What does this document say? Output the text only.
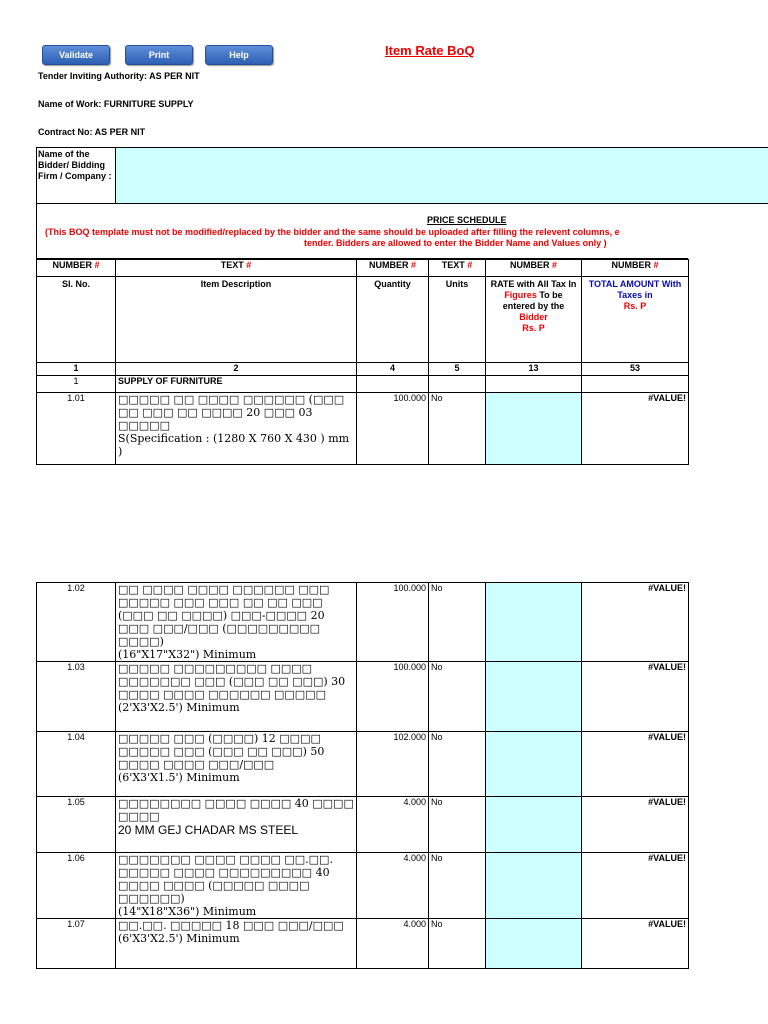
Validate	Print	Help	Item Rate BoQ
Tender Inviting Authority: AS PER NIT
Name of Work: FURNITURE SUPPLY
Contract No: AS PER NIT
Name of the Bidder/ Bidding Firm / Company :
PRICE SCHEDULE
(This BOQ template must not be modified/replaced by the bidder and the same should be uploaded after filling the relevent columns, e
tender. Bidders are allowed to enter the Bidder Name and Values only )
NUMBER #	TEXT #	NUMBER #	TEXT #	NUMBER #	NUMBER #

Sl. No.	Item Description	Quantity	Units	RATE with All Tax In Figures To be entered by the
Bidder
Rs. P	TOTAL AMOUNT With Taxes in
Rs. P
1	2	4	5	13	53
1	SUPPLY OF FURNITURE				
1.01	□□□□□ □□ □□□□ □□□□□□ (□□□ □□ □□□ □□ □□□□ 20 □□□ 03 □□□□□
S(Specification : (1280 X 760 X 430 ) mm )	100.000	No		#VALUE!
1.02	□□ □□□□ □□□□ □□□□□□ □□□ □□□□□ □□□ □□□ □□ □□ □□□ (□□□ □□ □□□□) □□□-□□□□ 20 □□□ □□□/□□□ (□□□□□□□□□ □□□□)
(16"X17"X32") Minimum	100.000	No		#VALUE!
1.03	□□□□□ □□□□□□□□□ □□□□ □□□□□□□ □□□ (□□□ □□ □□□) 30 □□□□ □□□□ □□□□□□ □□□□□
(2'X3'X2.5') Minimum	100.000	No		#VALUE!
1.04	□□□□□ □□□ (□□□□) 12 □□□□ □□□□□ □□□ (□□□ □□ □□□) 50 □□□□ □□□□ □□□/□□□
(6'X3'X1.5') Minimum	102.000	No		#VALUE!
1.05	□□□□□□□□ □□□□ □□□□ 40 □□□□ □□□□
20 MM GEJ CHADAR MS STEEL	4.000	No		#VALUE!
1.06	□□□□□□□ □□□□ □□□□ □□.□□. □□□□□ □□□□ □□□□□□□□□ 40 □□□□ □□□□ (□□□□□ □□□□ □□□□□□)
(14"X18"X36") Minimum	4.000	No		#VALUE!
1.07	□□.□□. □□□□□ 18 □□□ □□□/□□□
(6'X3'X2.5') Minimum	4.000	No		#VALUE!
